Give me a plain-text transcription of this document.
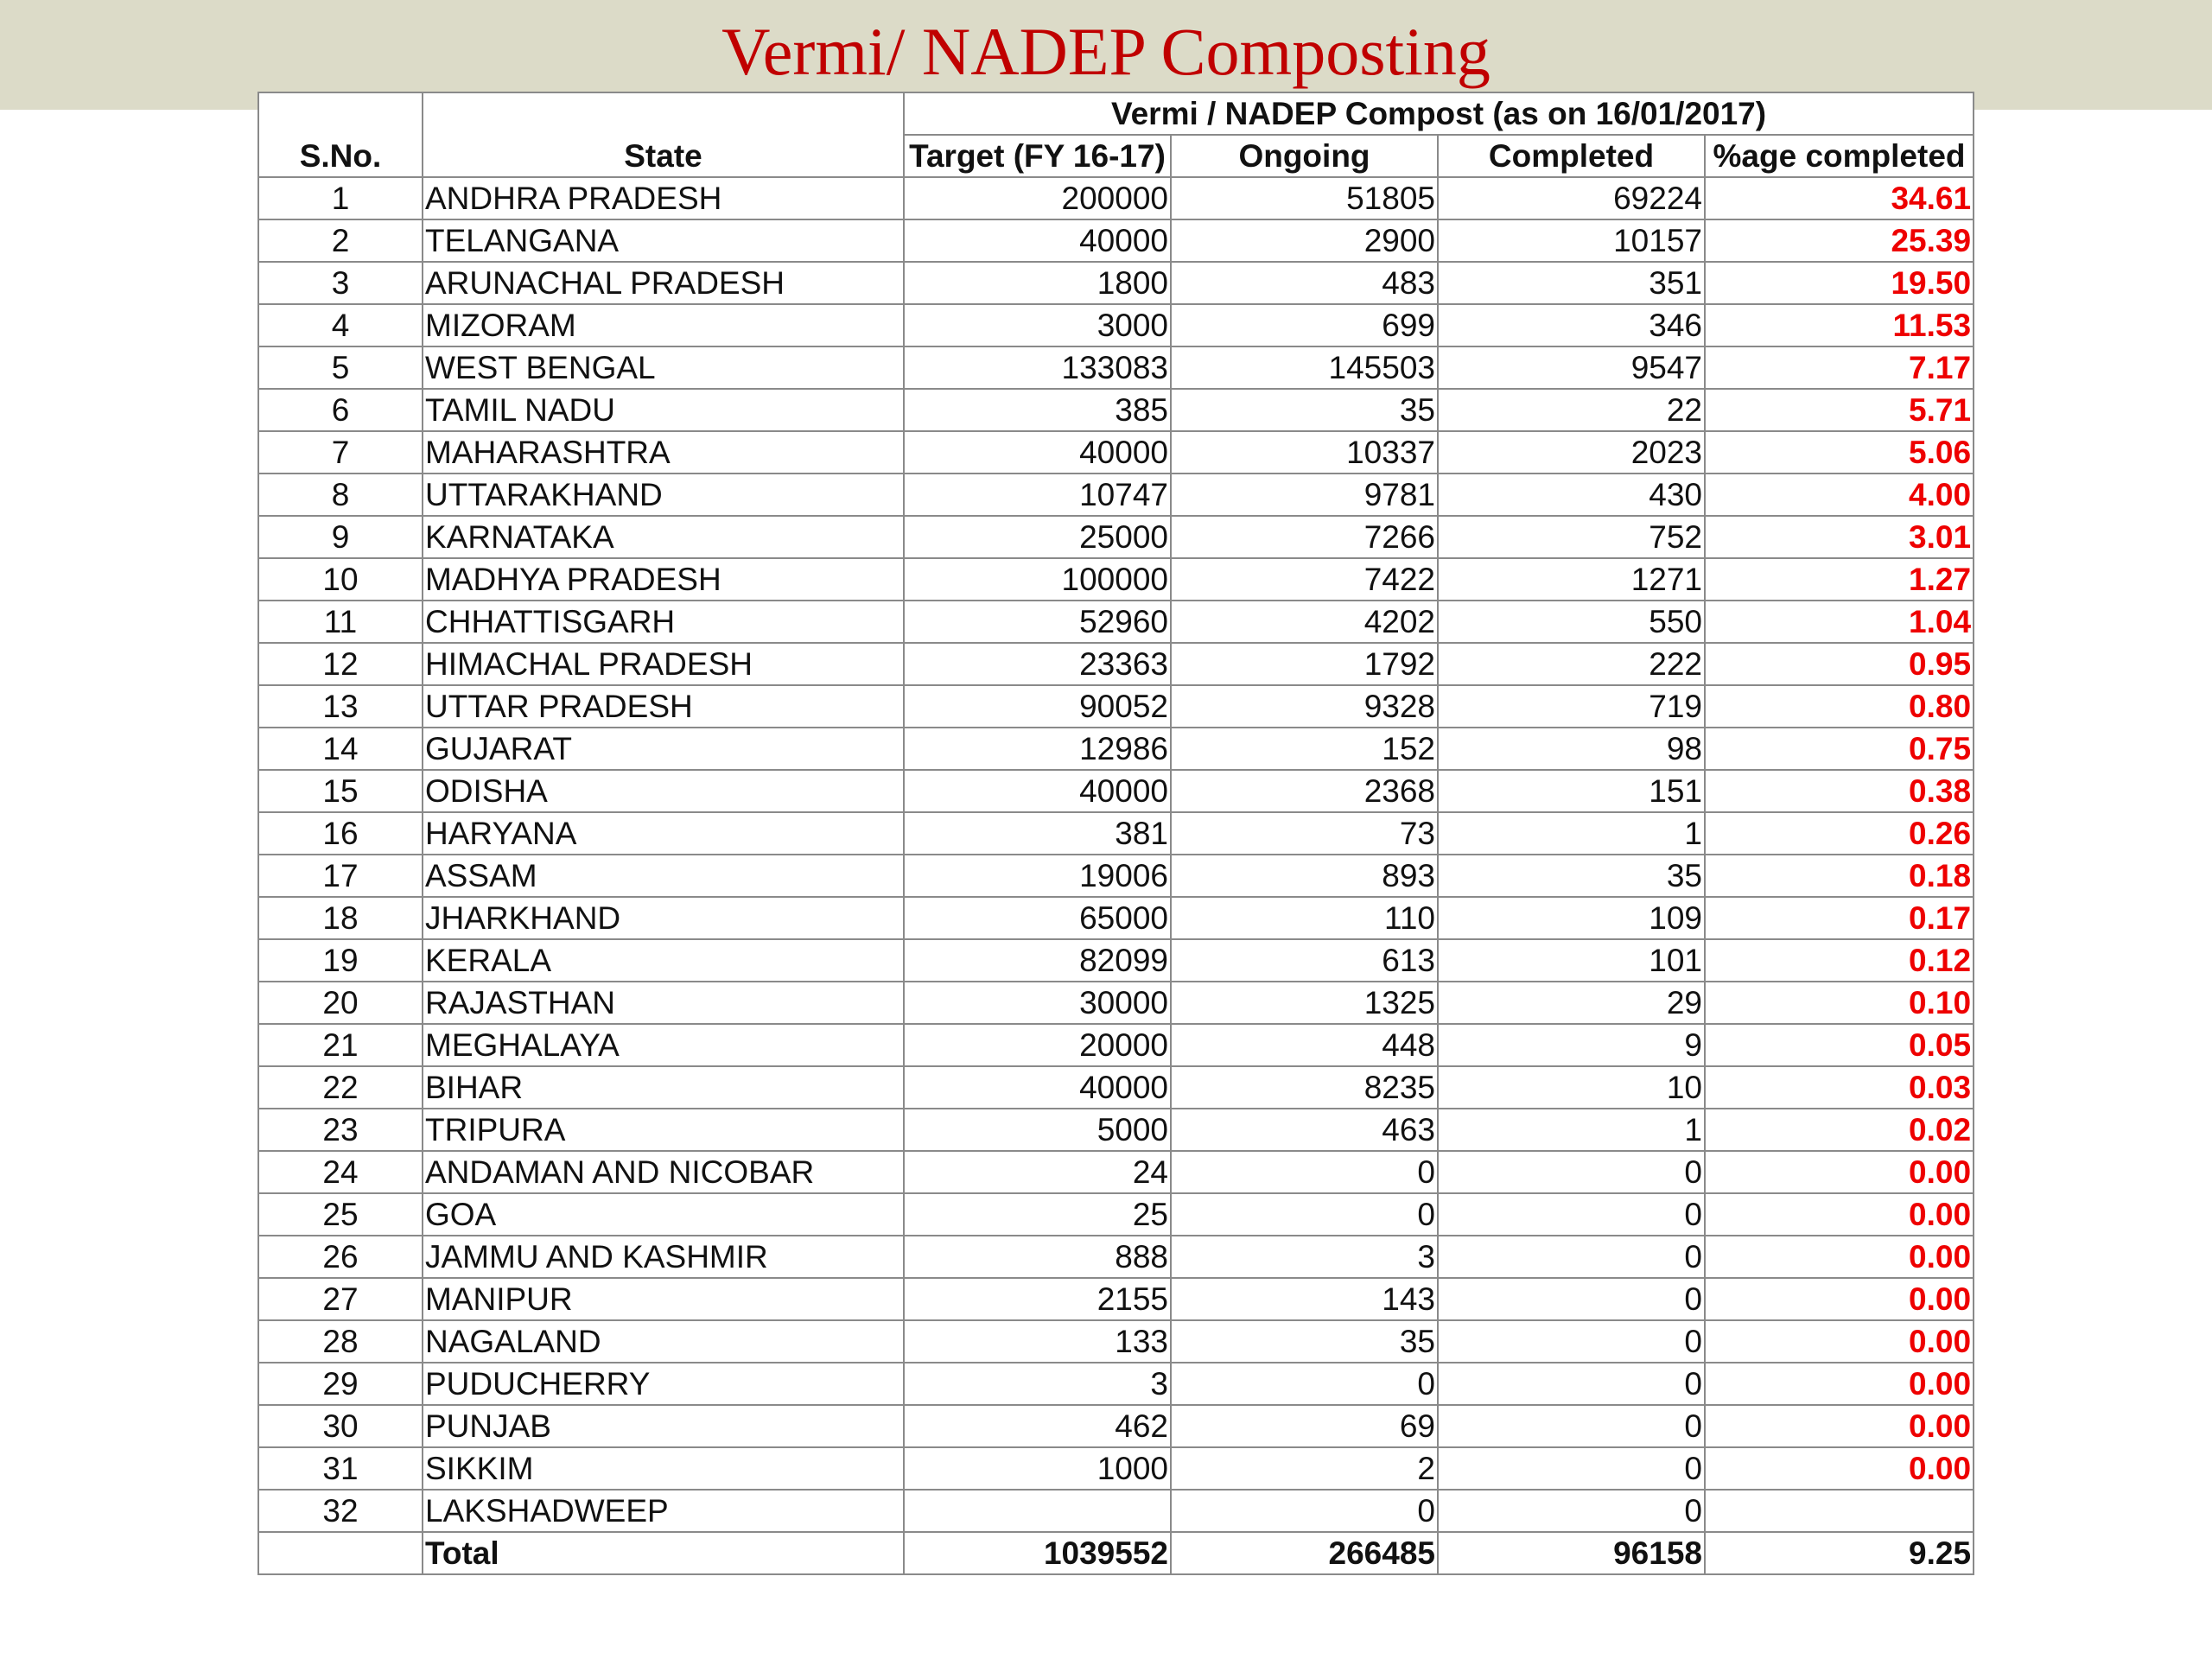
Vermi/ NADEP Composting
S.No.	State	Vermi / NADEP Compost (as on 16/01/2017)			
		Target (FY 16-17)	Ongoing	Completed	%age completed
1	ANDHRA PRADESH	200000	51805	69224	34.61
2	TELANGANA	40000	2900	10157	25.39
3	ARUNACHAL PRADESH	1800	483	351	19.50
4	MIZORAM	3000	699	346	11.53
5	WEST BENGAL	133083	145503	9547	7.17
6	TAMIL NADU	385	35	22	5.71
7	MAHARASHTRA	40000	10337	2023	5.06
8	UTTARAKHAND	10747	9781	430	4.00
9	KARNATAKA	25000	7266	752	3.01
10	MADHYA PRADESH	100000	7422	1271	1.27
11	CHHATTISGARH	52960	4202	550	1.04
12	HIMACHAL PRADESH	23363	1792	222	0.95
13	UTTAR PRADESH	90052	9328	719	0.80
14	GUJARAT	12986	152	98	0.75
15	ODISHA	40000	2368	151	0.38
16	HARYANA	381	73	1	0.26
17	ASSAM	19006	893	35	0.18
18	JHARKHAND	65000	110	109	0.17
19	KERALA	82099	613	101	0.12
20	RAJASTHAN	30000	1325	29	0.10
21	MEGHALAYA	20000	448	9	0.05
22	BIHAR	40000	8235	10	0.03
23	TRIPURA	5000	463	1	0.02
24	ANDAMAN AND NICOBAR	24	0	0	0.00
25	GOA	25	0	0	0.00
26	JAMMU AND KASHMIR	888	3	0	0.00
27	MANIPUR	2155	143	0	0.00
28	NAGALAND	133	35	0	0.00
29	PUDUCHERRY	3	0	0	0.00
30	PUNJAB	462	69	0	0.00
31	SIKKIM	1000	2	0	0.00
32	LAKSHADWEEP		0	0	
	Total	1039552	266485	96158	9.25
